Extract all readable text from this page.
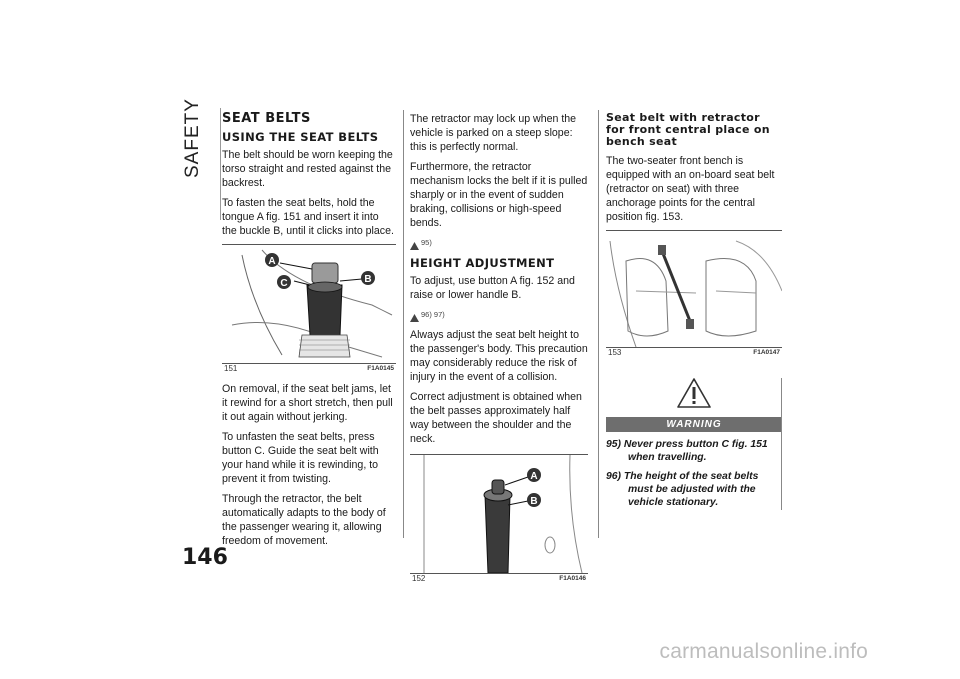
SAFETY SEAT BELTS
USING THE SEAT BELTS

The belt should be worn keeping the torso straight and rested against the backrest.

To fasten the seat belts, hold the tongue A fig. 151 and insert it into the buckle B, until it clicks into place.

A
B
C
151	F1A0145

On removal, if the seat belt jams, let it rewind for a short stretch, then pull it out again without jerking.

To unfasten the seat belts, press button C. Guide the seat belt with your hand while it is rewinding, to prevent it from twisting.

Through the retractor, the belt automatically adapts to the body of the passenger wearing it, allowing freedom of movement.

The retractor may lock up when the vehicle is parked on a steep slope: this is perfectly normal.

Furthermore, the retractor mechanism locks the belt if it is pulled sharply or in the event of sudden braking, collisions or high-speed bends.

95)
HEIGHT ADJUSTMENT

To adjust, use button A fig. 152 and raise or lower handle B.

96) 97)

Always adjust the seat belt height to the passenger's body. This precaution may considerably reduce the risk of injury in the event of a collision.

Correct adjustment is obtained when the belt passes approximately half way between the shoulder and the neck.

A
B
152	F1A0146
Seat belt with retractor for front central place on bench seat

The two-seater front bench is equipped with an on-board seat belt (retractor on seat) with three anchorage points for the central position fig. 153.

153	F1A0147
WARNING

95) Never press button C fig. 151 when travelling.

96) The height of the seat belts must be adjusted with the vehicle stationary.

146
carmanualsonline.info
